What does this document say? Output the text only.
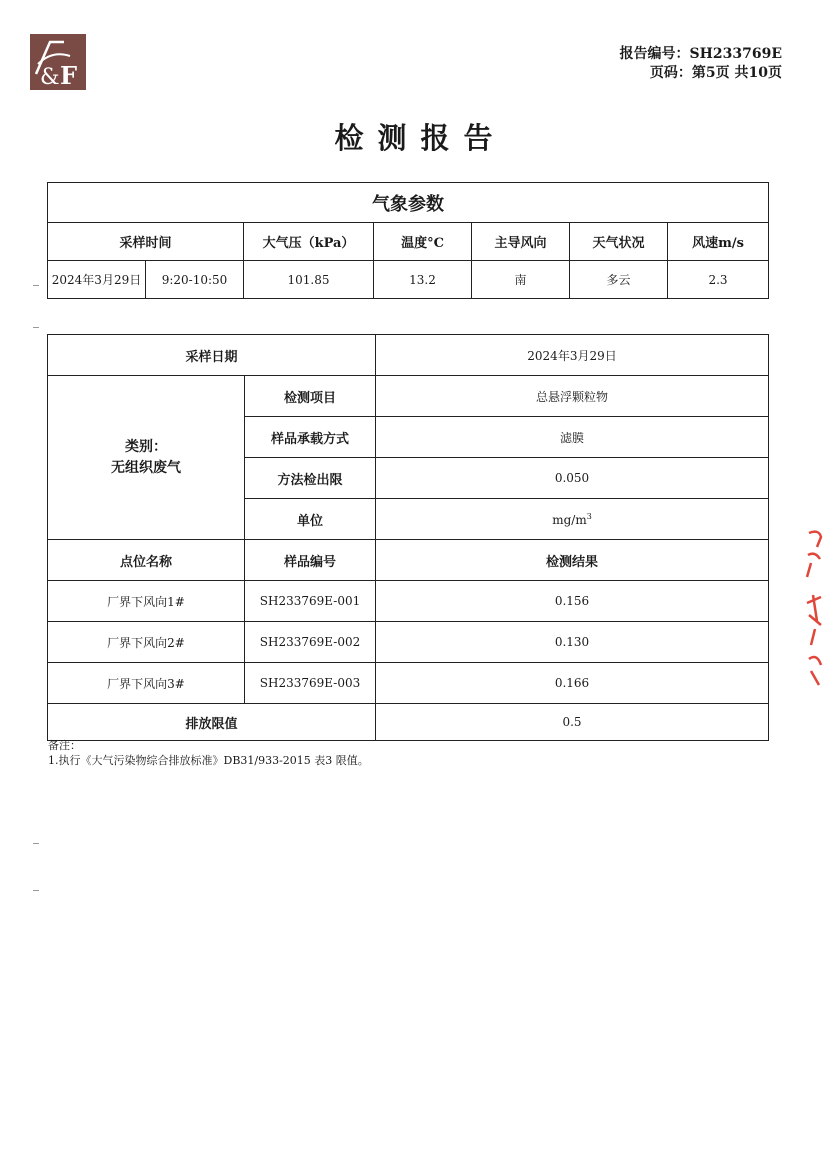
& F
报告编号：SH233769E
页码：第5页 共10页
检测报告
气象参数						
采样时间		大气压（kPa）	温度°C	主导风向	天气状况	风速m/s
2024年3月29日	9:20-10:50	101.85	13.2	南	多云	2.3
采样日期		2024年3月29日

类别：
无组织废气	检测项目	总悬浮颗粒物
	样品承载方式	滤膜
	方法检出限	0.050
	单位	$mg/m^3$
点位名称	样品编号	检测结果
厂界下风向1#	SH233769E-001	0.156
厂界下风向2#	SH233769E-002	0.130
厂界下风向3#	SH233769E-003	0.166
排放限值		0.5
备注：
1.执行《大气污染物综合排放标准》DB31/933-2015 表3 限值。
